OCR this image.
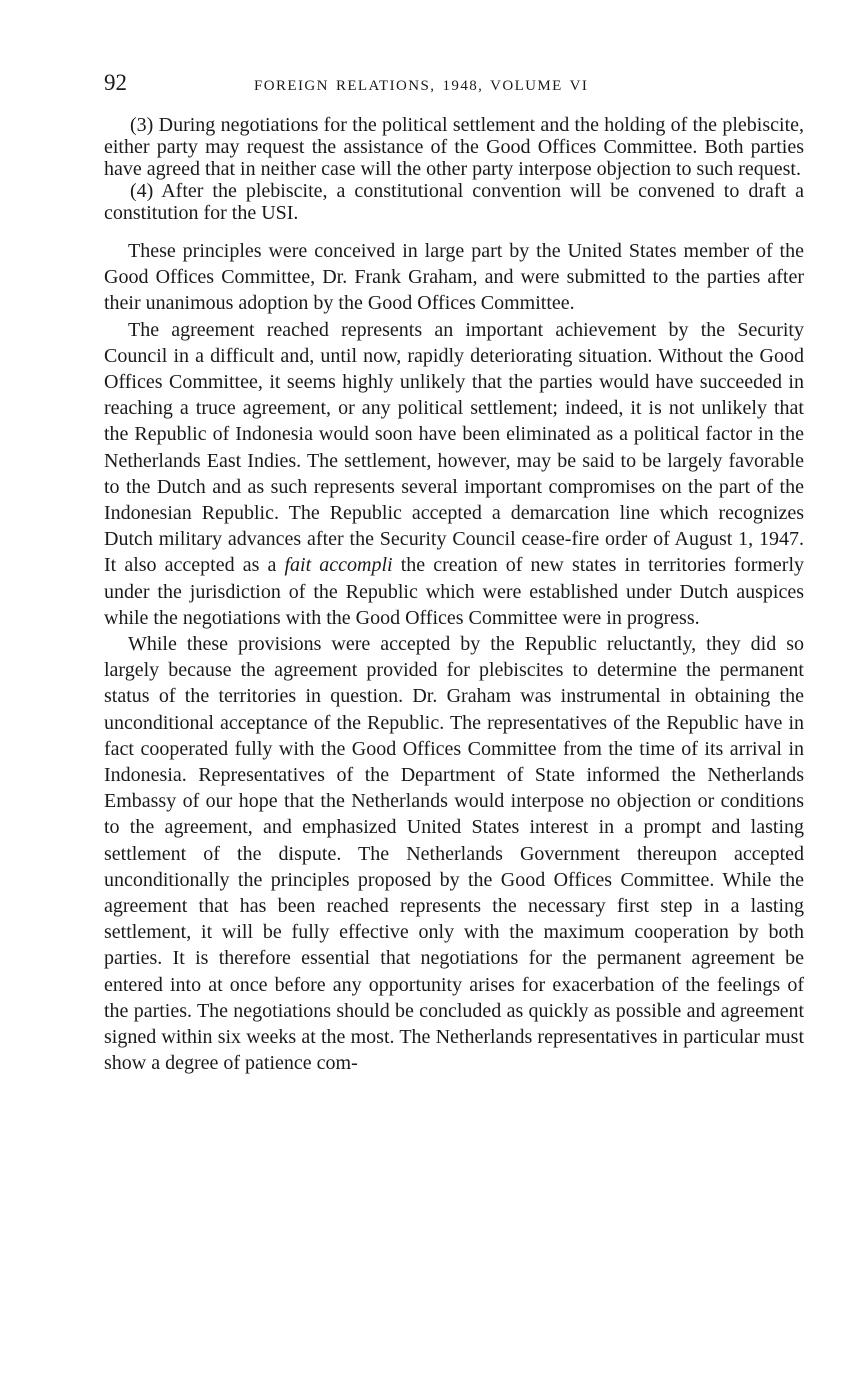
92	FOREIGN RELATIONS, 1948, VOLUME VI

(3) During negotiations for the political settlement and the holding of the plebiscite, either party may request the assistance of the Good Offices Committee. Both parties have agreed that in neither case will the other party interpose objection to such request.

(4) After the plebiscite, a constitutional convention will be convened to draft a constitution for the USI.

These principles were conceived in large part by the United States member of the Good Offices Committee, Dr. Frank Graham, and were submitted to the parties after their unanimous adoption by the Good Offices Committee.

The agreement reached represents an important achievement by the Security Council in a difficult and, until now, rapidly deteriorating situation. Without the Good Offices Committee, it seems highly unlikely that the parties would have succeeded in reaching a truce agreement, or any political settlement; indeed, it is not unlikely that the Republic of Indonesia would soon have been eliminated as a political factor in the Netherlands East Indies. The settlement, however, may be said to be largely favorable to the Dutch and as such represents several important compromises on the part of the Indonesian Republic. The Republic accepted a demarcation line which recognizes Dutch military advances after the Security Council cease-fire order of August 1, 1947. It also accepted as a fait accompli the creation of new states in territories formerly under the jurisdiction of the Republic which were established under Dutch auspices while the negotiations with the Good Offices Committee were in progress.

While these provisions were accepted by the Republic reluctantly, they did so largely because the agreement provided for plebiscites to determine the permanent status of the territories in question. Dr. Graham was instrumental in obtaining the unconditional acceptance of the Republic. The representatives of the Republic have in fact cooperated fully with the Good Offices Committee from the time of its arrival in Indonesia. Representatives of the Department of State informed the Netherlands Embassy of our hope that the Netherlands would interpose no objection or conditions to the agreement, and emphasized United States interest in a prompt and lasting settlement of the dispute. The Netherlands Government thereupon accepted unconditionally the principles proposed by the Good Offices Committee. While the agreement that has been reached represents the necessary first step in a lasting settlement, it will be fully effective only with the maximum cooperation by both parties. It is therefore essential that negotiations for the permanent agreement be entered into at once before any opportunity arises for exacerbation of the feelings of the parties. The negotiations should be concluded as quickly as possible and agreement signed within six weeks at the most. The Netherlands representatives in particular must show a degree of patience com-
